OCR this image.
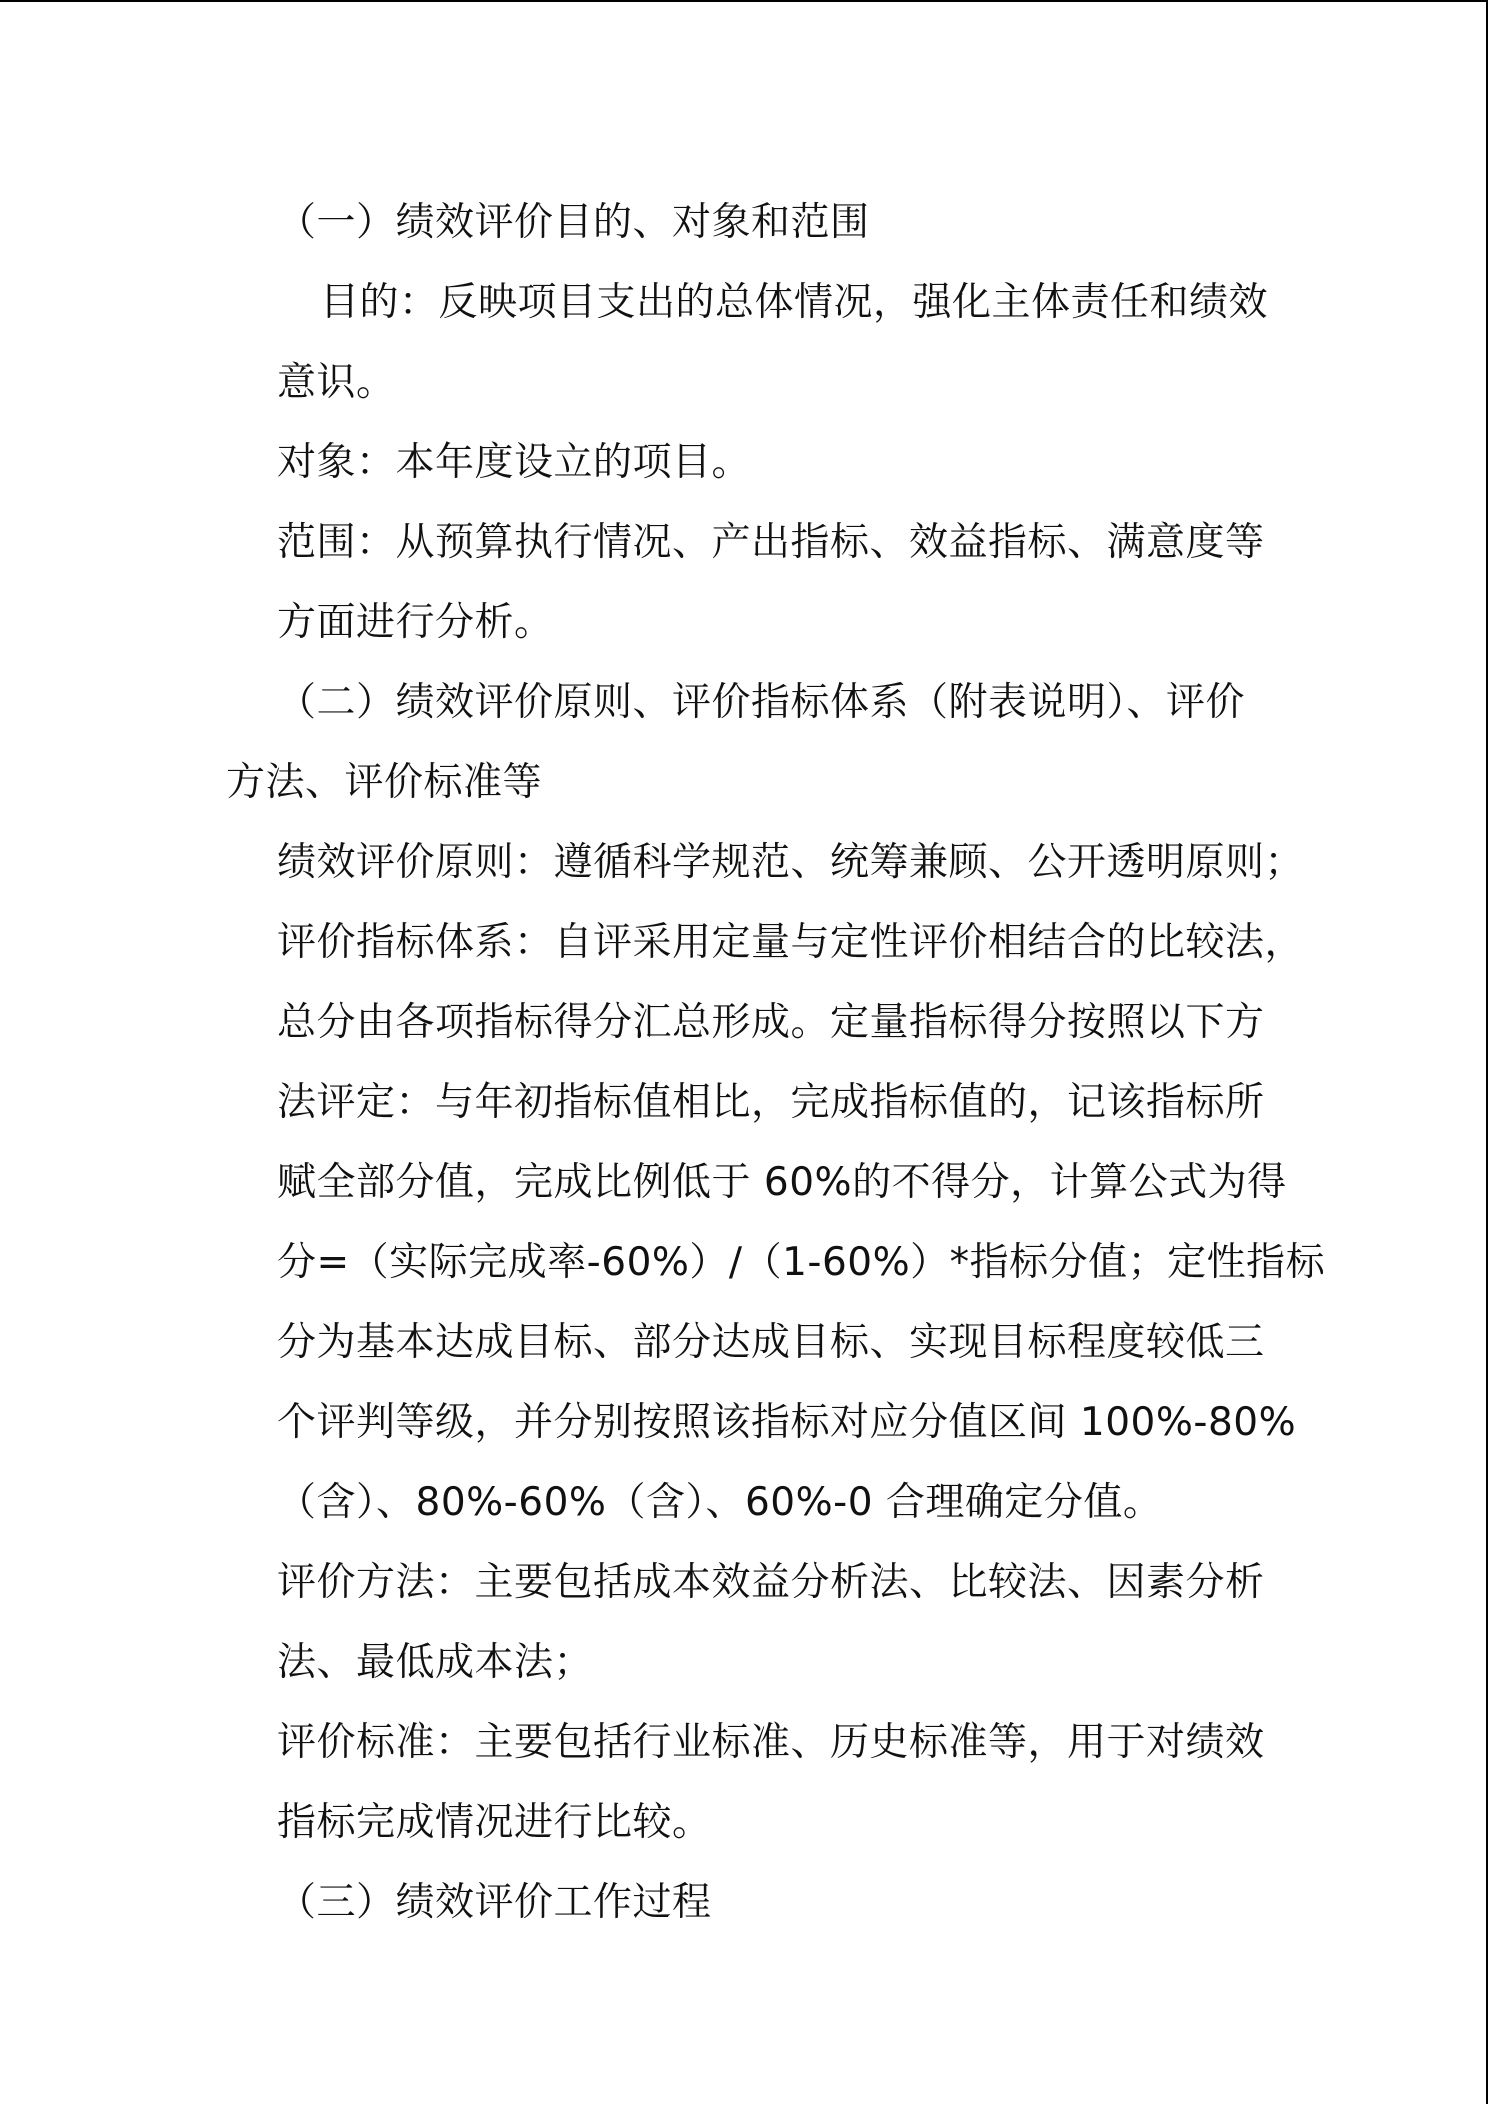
（一）绩效评价目的、对象和范围

目的：反映项目支出的总体情况，强化主体责任和绩效

意识。

对象：本年度设立的项目。

范围：从预算执行情况、产出指标、效益指标、满意度等

方面进行分析。

（二）绩效评价原则、评价指标体系（附表说明）、评价

方法、评价标准等

绩效评价原则：遵循科学规范、统筹兼顾、公开透明原则；

评价指标体系：自评采用定量与定性评价相结合的比较法，

总分由各项指标得分汇总形成。定量指标得分按照以下方

法评定：与年初指标值相比，完成指标值的，记该指标所

赋全部分值，完成比例低于 60%的不得分，计算公式为得

分=（实际完成率-60%）/（1-60%）*指标分值；定性指标

分为基本达成目标、部分达成目标、实现目标程度较低三

个评判等级，并分别按照该指标对应分值区间 100%-80%

（含）、80%-60%（含）、60%-0 合理确定分值。

评价方法：主要包括成本效益分析法、比较法、因素分析

法、最低成本法；

评价标准：主要包括行业标准、历史标准等，用于对绩效

指标完成情况进行比较。

（三）绩效评价工作过程
